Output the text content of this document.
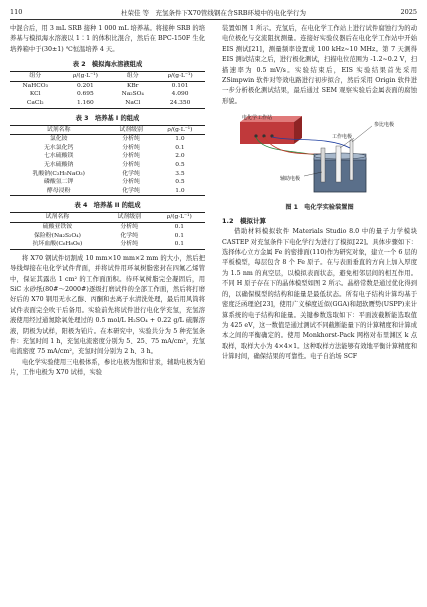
110	杜荣佳 等　充氢条件下X70管线钢在含SRB环境中的电化学行为	2025

中混合后，用 3 mL SRB 接种 1 000 mL 培养基。将接种 SRB 的培养基与模拟海水溶液以 1∶1 的体积比混合，然后在 BPC-150F 生化培养箱中于(30±1) ℃恒温培养 4 天。

表 2　模拟海水溶液组成
组分	ρ/(g·L⁻¹)	组分	ρ/(g·L⁻¹)
NaHCO₃	0.201	KBr	0.101
KCl	0.695	Na₂SO₄	4.090
CaCl₂	1.160	NaCl	24.350
表 3　培养基 I 的组成
试剂名称	试剂级别	ρ/(g·L⁻¹)
氯化铵	分析纯	1.0
无水氯化钙	分析纯	0.1
七水硫酸镁	分析纯	2.0
无水硫酸钠	分析纯	0.5
乳酸钠(C₃H₅NaO₃)	化学纯	3.5
磷酸氢二钾	分析纯	0.5
酵母浸粉	化学纯	1.0
表 4　培养基 II 的组成
试剂名称	试剂级别	ρ/(g·L⁻¹)
硫酸亚铁铵	分析纯	0.1
保险粉(Na₂S₂O₄)	化学纯	0.1
抗坏血酸(C₆H₈O₆)	分析纯	0.1

将 X70 钢试件切割成 10 mm×10 mm×2 mm 的大小，然后把导线焊接在电化学试件背面，并将试件用环氧树脂密封在四氟乙烯管中，保证其露出 1 cm² 的工作面面积。待环氧树脂完全凝固后，用 SiC 水砂纸(80#～2000#)逐级打磨试件的全部工作面，然后将打磨好后的 X70 钢用无水乙醇、丙酮和去离子水清洗处理，最后用风筒将试件表面完全吹干后备用。实验前先将试件进行电化学充氢，充氢溶液使用经过通氮除氧处理过的 0.5 mol/L H₂SO₄ + 0.22 g/L 硫脲溶液，阴极为试样，阳极为铂片。在本研究中，实验共分为 5 种充氢条件：充氢时间 1 h，充氢电流密度分别为 5、25、75 mA/cm²，充氢电流密度 75 mA/cm²，充氢时间分别为 2 h、3 h。

电化学实验使用三电极体系，参比电极为饱和甘汞，辅助电极为铂片，工作电极为 X70 试样，实验

装置如图 1 所示。充氢后，在电化学工作站上进行试件腐蚀行为的动电位极化与交流阻抗测量。连接好实验仪器后在电化学工作站中开始 EIS 测试[21]，测量频率设置成 100 kHz~10 MHz。第 7 天测得 EIS 测试结束之后，进行极化测试，扫描电位范围为 -1.2~0.2 V，扫描速率为 0.5 mV/s。实验结束后，EIS 实验结果首先采用 ZSimpwin 软件对等效电路进行初步拟合，然后采用 Origin 软件进一步分析极化测试结果，最后通过 SEM 观察实验后金属表面的腐蚀形貌。

电化学工作站
参比电极
工作电极
辅助电极
图 1　电化学实验装置图
1.2　模拟计算

借助材料模拟软件 Materials Studio 8.0 中的量子力学模块 CASTEP 对充氢条件下电化学行为进行了模拟[22]。具体步骤如下：选择体心立方金属 Fe 的密排面(110)作为研究对象，建立一个 6 层的平板模型，每层包含 8 个 Fe 原子。在与表面垂直的方向上加入厚度为 1.5 nm 的真空层，以模拟表面状态，避免相邻层间的相互作用。不同 H 原子存在下的晶体模型如图 2 所示。晶格常数是通过优化得到的，以确保模型的结构和能量是最低状态。所有电子结构计算均基于密度泛函理论[23]，使用广义梯度近似(GGA)和超软赝势(USPP)来计算系统的电子结构和能量。关键参数选取如下：平面波截断能选取值为 425 eV，这一数值是通过测试不同截断能量下的计算精度和计算成本之间的平衡确定的。使用 Monkhorst-Pack 网格对布里渊区 k 点取样，取样大小为 4×4×1。这种取样方法能够有效地平衡计算精度和计算时间，确保结果的可靠性。电子自治场 SCF
